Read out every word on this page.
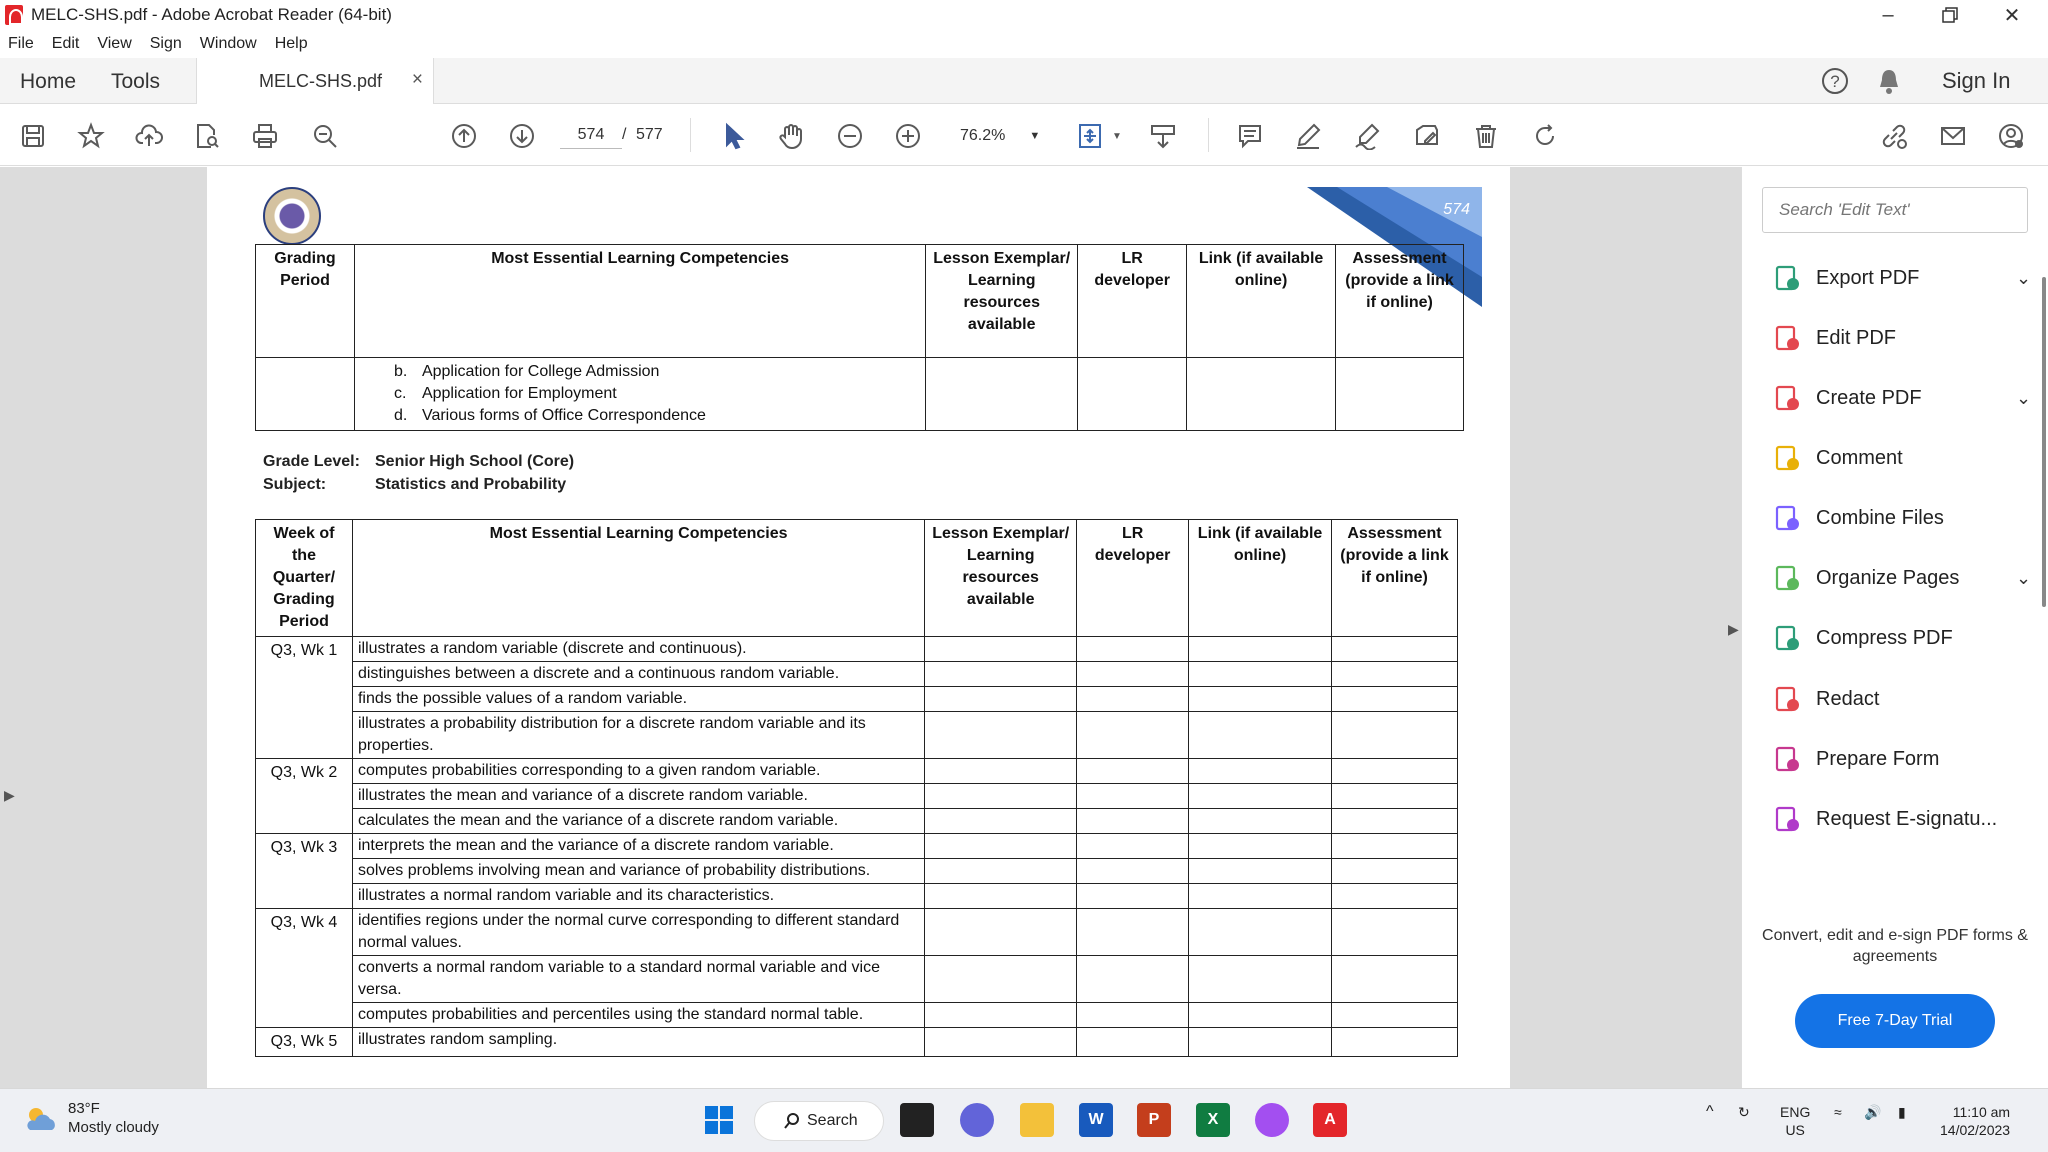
MELC-SHS.pdf - Adobe Acrobat Reader (64-bit)	–	✕
File Edit View Sign Window Help
Home Tools	MELC-SHS.pdf ×	?	Sign In
76.2% ▼	▼
574	/ 577
▶
574
Grading Period	Most Essential Learning Competencies	Lesson Exemplar/ Learning resources available	LR developer	Link (if available online)	Assessment (provide a link if online)

	b. Application for College Admission
c. Application for Employment
d. Various forms of Office Correspondence				

Grade Level: Senior High School (Core)
Subject:	Statistics and Probability
Week of the Quarter/ Grading Period	Most Essential Learning Competencies	Lesson Exemplar/ Learning resources available	LR developer	Link (if available online)	Assessment (provide a link if online)
Q3, Wk 1	illustrates a random variable (discrete and continuous).				
	distinguishes between a discrete and a continuous random variable.				
	finds the possible values of a random variable.				
	illustrates a probability distribution for a discrete random variable and its properties.				
Q3, Wk 2	computes probabilities corresponding to a given random variable.				
	illustrates the mean and variance of a discrete random variable.				
	calculates the mean and the variance of a discrete random variable.				
Q3, Wk 3	interprets the mean and the variance of a discrete random variable.				
	solves problems involving mean and variance of probability distributions.				
	illustrates a normal random variable and its characteristics.				
Q3, Wk 4	identifies regions under the normal curve corresponding to different standard normal values.				
	converts a normal random variable to a standard normal variable and vice versa.				
	computes probabilities and percentiles using the standard normal table.				
Q3, Wk 5	illustrates random sampling.				
▶
Search 'Edit Text'
Export PDF	⌄
Edit PDF
Create PDF	⌄
Comment
Combine Files
Organize Pages	⌄
Compress PDF
Redact
Prepare Form
Request E-signatu...
Convert, edit and e-sign PDF forms & agreements
Free 7-Day Trial
83°F
Mostly cloudy	Search	W	P	X	A	^ ↻ ENG
US
≈ 🔊 ▮	11:10 am
14/02/2023
